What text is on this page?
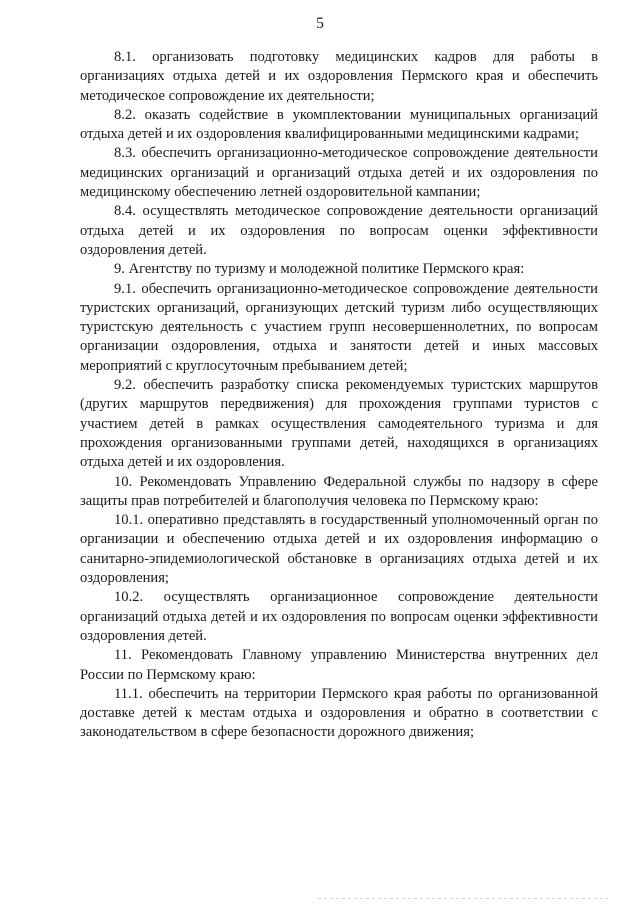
5

8.1. организовать подготовку медицинских кадров для работы в организациях отдыха детей и их оздоровления Пермского края и обеспечить методическое сопровождение их деятельности;

8.2. оказать содействие в укомплектовании муниципальных организаций отдыха детей и их оздоровления квалифицированными медицинскими кадрами;

8.3. обеспечить организационно-методическое сопровождение деятельности медицинских организаций и организаций отдыха детей и их оздоровления по медицинскому обеспечению летней оздоровительной кампании;

8.4. осуществлять методическое сопровождение деятельности организаций отдыха детей и их оздоровления по вопросам оценки эффективности оздоровления детей.

9. Агентству по туризму и молодежной политике Пермского края:

9.1. обеспечить организационно-методическое сопровождение деятельности туристских организаций, организующих детский туризм либо осуществляющих туристскую деятельность с участием групп несовершеннолетних, по вопросам организации оздоровления, отдыха и занятости детей и иных массовых мероприятий с круглосуточным пребыванием детей;

9.2. обеспечить разработку списка рекомендуемых туристских маршрутов (других маршрутов передвижения) для прохождения группами туристов с участием детей в рамках осуществления самодеятельного туризма и для прохождения организованными группами детей, находящихся в организациях отдыха детей и их оздоровления.

10. Рекомендовать Управлению Федеральной службы по надзору в сфере защиты прав потребителей и благополучия человека по Пермскому краю:

10.1. оперативно представлять в государственный уполномоченный орган по организации и обеспечению отдыха детей и их оздоровления информацию о санитарно-эпидемиологической обстановке в организациях отдыха детей и их оздоровления;

10.2. осуществлять организационное сопровождение деятельности организаций отдыха детей и их оздоровления по вопросам оценки эффективности оздоровления детей.

11. Рекомендовать Главному управлению Министерства внутренних дел России по Пермскому краю:

11.1. обеспечить на территории Пермского края работы по организованной доставке детей к местам отдыха и оздоровления и обратно в соответствии с законодательством в сфере безопасности дорожного движения;
